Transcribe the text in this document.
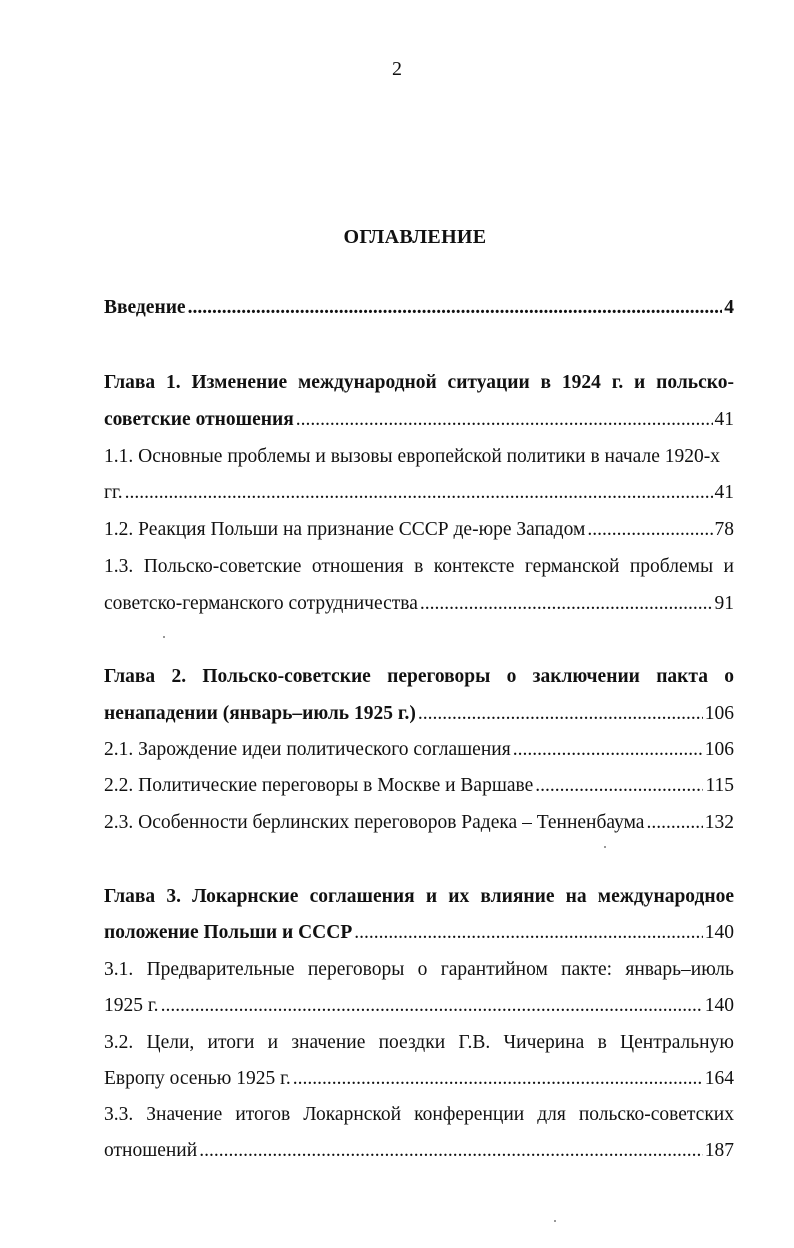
2
ОГЛАВЛЕНИЕ
Введение .....	4
Глава 1. Изменение международной ситуации в 1924 г. и польско-
советские отношения .....	41
1.1. Основные проблемы и вызовы европейской политики в начале 1920-х
гг. .....	41
1.2. Реакция Польши на признание СССР де-юре Западом .....	78
1.3. Польско-советские отношения в контексте германской проблемы и
советско-германского сотрудничества .....	91
Глава 2. Польско-советские переговоры о заключении пакта о
ненападении (январь–июль 1925 г.) .....	106
2.1. Зарождение идеи политического соглашения .....	106
2.2. Политические переговоры в Москве и Варшаве .....	115
2.3. Особенности берлинских переговоров Радека – Тенненбаума .....	132
Глава 3. Локарнские соглашения и их влияние на международное
положение Польши и СССР .....	140
3.1. Предварительные переговоры о гарантийном пакте: январь–июль
1925 г. .....	140
3.2. Цели, итоги и значение поездки Г.В. Чичерина в Центральную
Европу осенью 1925 г. .....	164
3.3. Значение итогов Локарнской конференции для польско-советских
отношений .....	187
